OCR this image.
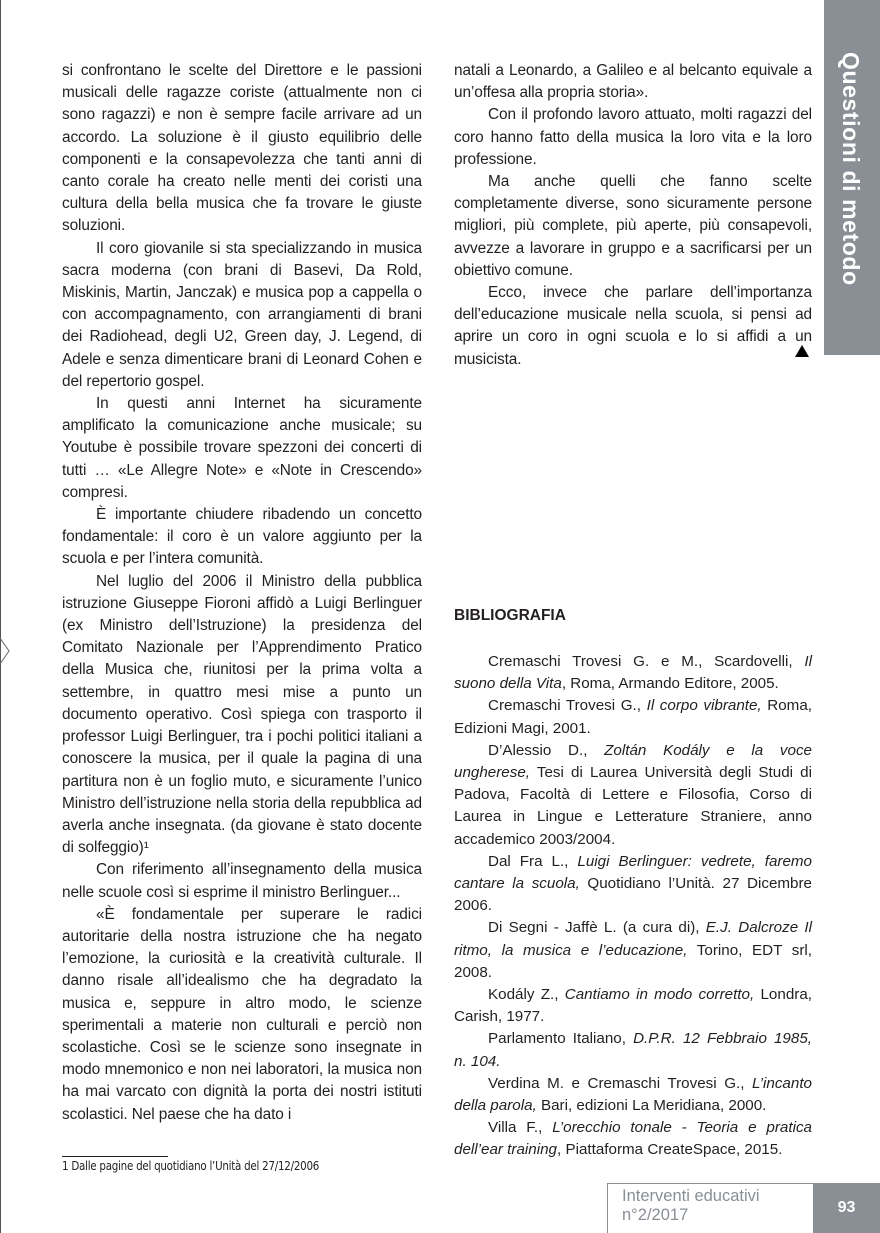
Questioni di metodo

si confrontano le scelte del Direttore e le passioni musicali delle ragazze coriste (attualmente non ci sono ragazzi) e non è sempre facile arrivare ad un accordo. La soluzione è il giusto equilibrio delle componenti e la consapevolezza che tanti anni di canto corale ha creato nelle menti dei coristi una cultura della bella musica che fa trovare le giuste soluzioni.

Il coro giovanile si sta specializzando in musica sacra moderna (con brani di Basevi, Da Rold, Miskinis, Martin, Janczak) e musica pop a cappella o con accompagnamento, con arrangiamenti di brani dei Radiohead, degli U2, Green day, J. Legend, di Adele e senza dimenticare brani di Leonard Cohen e del repertorio gospel.

In questi anni Internet ha sicuramente amplificato la comunicazione anche musicale; su Youtube è possibile trovare spezzoni dei concerti di tutti … «Le Allegre Note» e «Note in Crescendo» compresi.

È importante chiudere ribadendo un concetto fondamentale: il coro è un valore aggiunto per la scuola e per l’intera comunità.

Nel luglio del 2006 il Ministro della pubblica istruzione Giuseppe Fioroni affidò a Luigi Berlinguer (ex Ministro dell’Istruzione) la presidenza del Comitato Nazionale per l’Apprendimento Pratico della Musica che, riunitosi per la prima volta a settembre, in quattro mesi mise a punto un documento operativo. Così spiega con trasporto il professor Luigi Berlinguer, tra i pochi politici italiani a conoscere la musica, per il quale la pagina di una partitura non è un foglio muto, e sicuramente l’unico Ministro dell’istruzione nella storia della repubblica ad averla anche insegnata. (da giovane è stato docente di solfeggio)¹

Con riferimento all’insegnamento della musica nelle scuole così si esprime il ministro Berlinguer...

«È fondamentale per superare le radici autoritarie della nostra istruzione che ha negato l’emozione, la curiosità e la creatività culturale. Il danno risale all’idealismo che ha degradato la musica e, seppure in altro modo, le scienze sperimentali a materie non culturali e perciò non scolastiche. Così se le scienze sono insegnate in modo mnemonico e non nei laboratori, la musica non ha mai varcato con dignità la porta dei nostri istituti scolastici. Nel paese che ha dato i

natali a Leonardo, a Galileo e al belcanto equivale a un’offesa alla propria storia».

Con il profondo lavoro attuato, molti ragazzi del coro hanno fatto della musica la loro vita e la loro professione.

Ma anche quelli che fanno scelte completamente diverse, sono sicuramente persone migliori, più complete, più aperte, più consapevoli, avvezze a lavorare in gruppo e a sacrificarsi per un obiettivo comune.

Ecco, invece che parlare dell’importanza dell’educazione musicale nella scuola, si pensi ad aprire un coro in ogni scuola e lo si affidi a un musicista.

BIBLIOGRAFIA

Cremaschi Trovesi G. e M., Scardovelli, Il suono della Vita, Roma, Armando Editore, 2005.

Cremaschi Trovesi G., Il corpo vibrante, Roma, Edizioni Magi, 2001.

D’Alessio D., Zoltán Kodály e la voce ungherese, Tesi di Laurea Università degli Studi di Padova, Facoltà di Lettere e Filosofia, Corso di Laurea in Lingue e Letterature Straniere, anno accademico 2003/2004.

Dal Fra L., Luigi Berlinguer: vedrete, faremo cantare la scuola, Quotidiano l’Unità. 27 Dicembre 2006.

Di Segni - Jaffè L. (a cura di), E.J. Dalcroze Il ritmo, la musica e l’educazione, Torino, EDT srl, 2008.

Kodály Z., Cantiamo in modo corretto, Londra, Carish, 1977.

Parlamento Italiano, D.P.R. 12 Febbraio 1985, n. 104.

Verdina M. e Cremaschi Trovesi G., L’incanto della parola, Bari, edizioni La Meridiana, 2000.

Villa F., L’orecchio tonale - Teoria e pratica dell’ear training, Piattaforma CreateSpace, 2015.

1 Dalle pagine del quotidiano l’Unità del 27/12/2006
Interventi educativi
n°2/2017	93
